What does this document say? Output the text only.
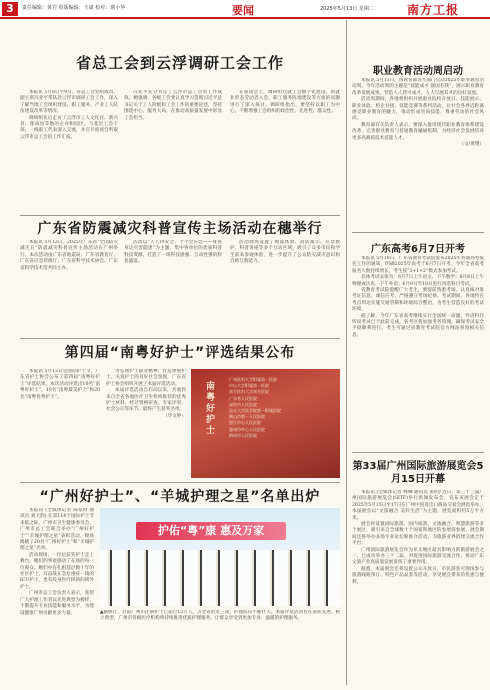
3	责任编辑：黄岩 组版编辑：王斌 校对：谢小华	要闻	2025年5月13日 星期二	南方工报
省总工会到云浮调研工会工作

本报讯 5月8日至9日，省总工会党组成员、副主席冯亚平带队赴云浮市调研工会工作，深入了解当地工会组织建设、职工服务、产业工人队伍建设改革等情况。

调研组先后走访了云浮市工人文化宫、新兴县、郁南县等地的企业和园区，与基层工会干部、一线职工代表深入交流，并召开座谈会听取云浮市总工会的工作汇报。

冯亚平充分肯定了云浮市总工会的工作成效。她强调，各级工会要认真学习贯彻习近平总书记关于工人阶级和工会工作的重要论述，坚持围绕中心、服务大局，在推动高质量发展中彰显工会担当。

在座谈会上，调研组还就工会数字化建设、新就业形态劳动者入会、职工服务阵地建设等方面的问题进行了深入探讨。调研组指出，要坚持以职工为中心，不断增强工会组织的政治性、先进性、群众性。

广东省防震减灾科普宣传主场活动在穗举行

本报讯 5月12日，2025年广东省“全国防灾减灾日”防震减灾科普宣传主场活动在广州举行。本次活动由广东省地震局、广东省教育厅、广东省应急管理厅、广东省科学技术协会、广东省科学技术馆共同主办。

活动以“人人讲安全、个个会应急——排查身边灾害隐患”为主题，集中各单位的优质科普科技资源，打造了一场科技感强、互动性强的科普盛宴。

活动现场设置了地震体验、消防演示、应急救护、科普讲座等多个互动区域，吸引了众多市民和学生前来参观体验，进一步提升了公众防灾减灾意识和自救互救能力。

第四届“南粤好护士”评选结果公布

本报讯 5月12日是国际护士节，广东省护士协会公布了第四届“南粤好护士”评选结果。本次活动评选出10名“南粤好护士”、10名“南粤最美护士”和20名“南粤优秀护士”。

为弘扬护士职业精神，营造尊重护士、关爱护士的良好社会氛围，广东省护士协会组织开展了本届评选活动。

本届评选活动自启动以来，共收到来自全省各地医疗卫生机构推荐的优秀护士材料，经过资格审查、专家评审、社会公示等环节，最终产生获奖名单。

（毕文婷） 南粤好护士
广州医科大学附属第一医院
中山大学附属第一医院
南方医科大学南方医院
广东省人民医院
深圳市人民医院
汕头大学医学院第一附属医院
佛山市第一人民医院
湛江中心人民医院
惠州市中心人民医院
梅州市人民医院
“广州好护士”、“羊城护理之星”名单出炉

本报讯 (全媒体记者 陈家恒 通讯员 刘天韵) 在第114个国际护士节来临之际，广州市卫生健康委员会、广州市总工会联合举办“广州好护士”“羊城护理之星”表彰活动，现场揭晓了20名“广州好护士”和“羊城护理之星”名单。

活动现场，一位位获奖护士走上舞台，她们的事迹感动了在场的每一位观众。她们中有扎根基层数十年的社区护士，有奋战在急危重症一线的ICU护士，也有投身医疗援助的援外护士。

广州市总工会负责人表示，希望广大护理工作者以先进典型为榜样，不断提升专业技能和服务水平，为建设健康广州贡献更多力量。

护佑“粤”康 惠及万家
▲据统计，目前广州市注册护士已超过13万人，占全省的近三成，护理队伍不断壮大。本届评选活动旨在表彰先进、树立典型，广州市各级医疗机构将持续推进优质护理服务，让群众享受到更加专业、温暖的护理服务。
职业教育活动周启动

本报讯 5月11日，由教育部等九部门启动2025年职业教育活动周。今年活动周的主题是“技能成才 强国有我”，展示职业教育改革发展成果，营造人人皆可成才、人人尽展其才的良好氛围。

活动周期间，各地将组织开展职业院校开放日、技能展示、职业体验、校企对接、技能竞赛等系列活动，让社会各界近距离感受职业教育的魅力，推动形成崇尚技能、尊重劳动的社会风尚。

教育部有关负责人表示，要深入推进现代职业教育体系建设改革，完善职业教育与普通教育融通机制，为经济社会发展培养更多高素质技术技能人才。

（文/黄翔）

广东高考6月7日开考

本报讯 5月10日，广东省教育考试院发布2025年普通高考报名工作的通知，明确2025年高考于6月7日开考。今年全省高考报名人数持续增长，考生按“3+1+2”模式参加考试。

具体考试安排为：6月7日上午语文、下午数学；6月8日上午物理或历史、下午外语；6月9日至10日进行再选科目考试。

省教育考试院提醒广大考生，要提前熟悉考场、认真核对准考证信息，诚信应考，严格遵守考场纪律。考试期间，各地将在考点周边实施交通管制和环境综合整治，为考生营造良好的考试环境。

据了解，今年广东省高考继续实行全国统一命题，外语科目听说考试已于此前完成。各考区将加强考务管理，确保考试安全平稳顺利进行。考生可通过省教育考试院官方网站查询相关信息。

第33届广州国际旅游展览会5月15日开幕

本报讯 (全媒体记者 林琳 通讯员 张明) 近日，第三十三届广州国际旅游展览会(GITF)举行新闻发布会，宣布该展会定于2025年5月15日至17日在广州中国进出口商品交易会展馆举办。本届展会以“文旅融合 美好生活”为主题，展览面积约5万平方米。

展会将设置国际旅游、国内旅游、文旅融合、智慧旅游等多个展区，吸引来自全球数十个国家和地区的参展商参展。展会期间还将举办多场专业论坛和推介活动，为旅游业界搭建交流合作平台。

广州国际旅游展览会作为亚太地区最具影响力的旅游展会之一，已成功举办三十二届，对促进国际旅游交流合作、推动广东文旅产业高质量发展发挥了重要作用。

据悉，本届展会还将设置公众开放日，市民游客可现场参与旅游线路预订、特色产品品鉴等活动，享受展会带来的优惠与便利。
